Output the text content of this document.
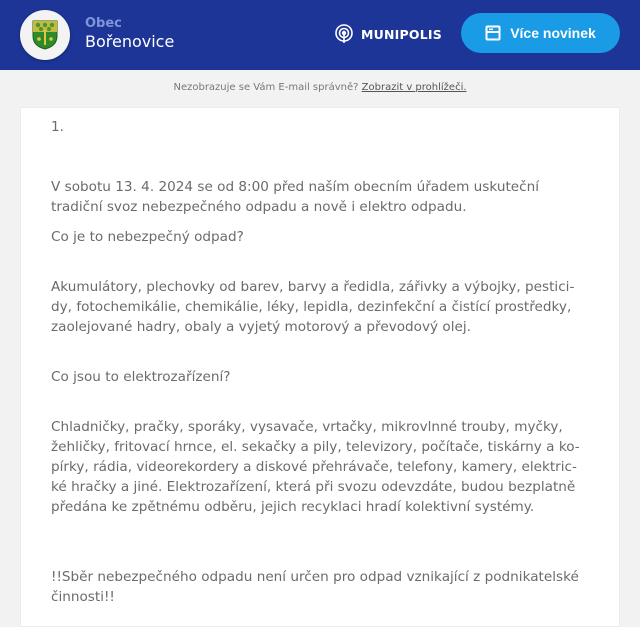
Obec
Bořenovice	MUNIPOLIS	Více novinek
Nezobrazuje se Vám E-mail správně? Zobrazit v prohlížeči.

1.

V sobotu 13. 4. 2024 se od 8:00 před naším obecním úřadem uskuteční tradiční svoz nebezpečného odpadu a nově i elektro odpadu.

Co je to nebezpečný odpad?

Akumulátory, plechovky od barev, barvy a ředidla, zářivky a výbojky, pestici-dy, fotochemikálie, chemikálie, léky, lepidla, dezinfekční a čistící prostředky, zaolejované hadry, obaly a vyjetý motorový a převodový olej.

Co jsou to elektrozařízení?

Chladničky, pračky, sporáky, vysavače, vrtačky, mikrovlnné trouby, myčky, žehličky, fritovací hrnce, el. sekačky a pily, televizory, počítače, tiskárny a ko-pírky, rádia, videorekordery a diskové přehrávače, telefony, kamery, elektric-ké hračky a jiné. Elektrozařízení, která při svozu odevzdáte, budou bezplatně předána ke zpětnému odběru, jejich recyklaci hradí kolektivní systémy.

!!Sběr nebezpečného odpadu není určen pro odpad vznikající z podnikatelské činnosti!!
